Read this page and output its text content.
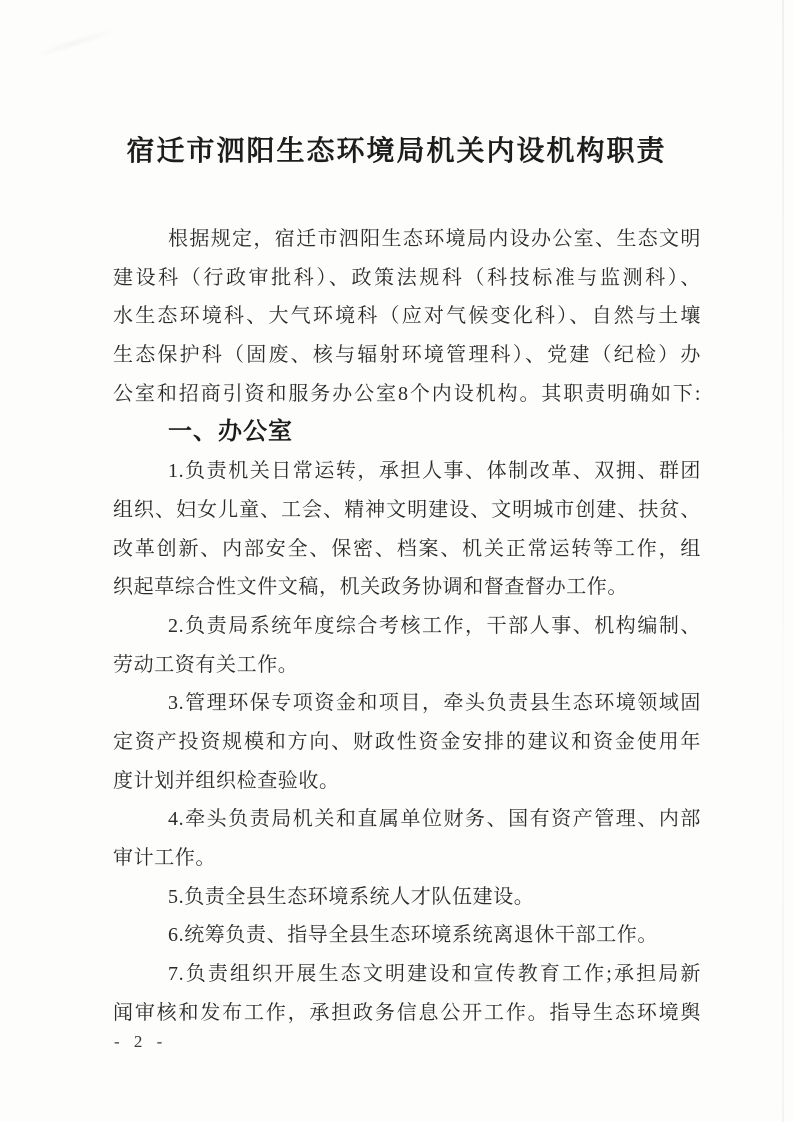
宿迁市泗阳生态环境局机关内设机构职责
根据规定，宿迁市泗阳生态环境局内设办公室、生态文明
建设科（行政审批科）、政策法规科（科技标准与监测科）、
水生态环境科、大气环境科（应对气候变化科）、自然与土壤
生态保护科（固废、核与辐射环境管理科）、党建（纪检）办
公室和招商引资和服务办公室8个内设机构。其职责明确如下:
一、办公室
1.负责机关日常运转，承担人事、体制改革、双拥、群团
组织、妇女儿童、工会、精神文明建设、文明城市创建、扶贫、
改革创新、内部安全、保密、档案、机关正常运转等工作，组
织起草综合性文件文稿，机关政务协调和督查督办工作。
2.负责局系统年度综合考核工作，干部人事、机构编制、
劳动工资有关工作。
3.管理环保专项资金和项目，牵头负责县生态环境领域固
定资产投资规模和方向、财政性资金安排的建议和资金使用年
度计划并组织检查验收。
4.牵头负责局机关和直属单位财务、国有资产管理、内部
审计工作。
5.负责全县生态环境系统人才队伍建设。
6.统筹负责、指导全县生态环境系统离退休干部工作。
7.负责组织开展生态文明建设和宣传教育工作;承担局新
闻审核和发布工作，承担政务信息公开工作。指导生态环境舆
- 2 -
